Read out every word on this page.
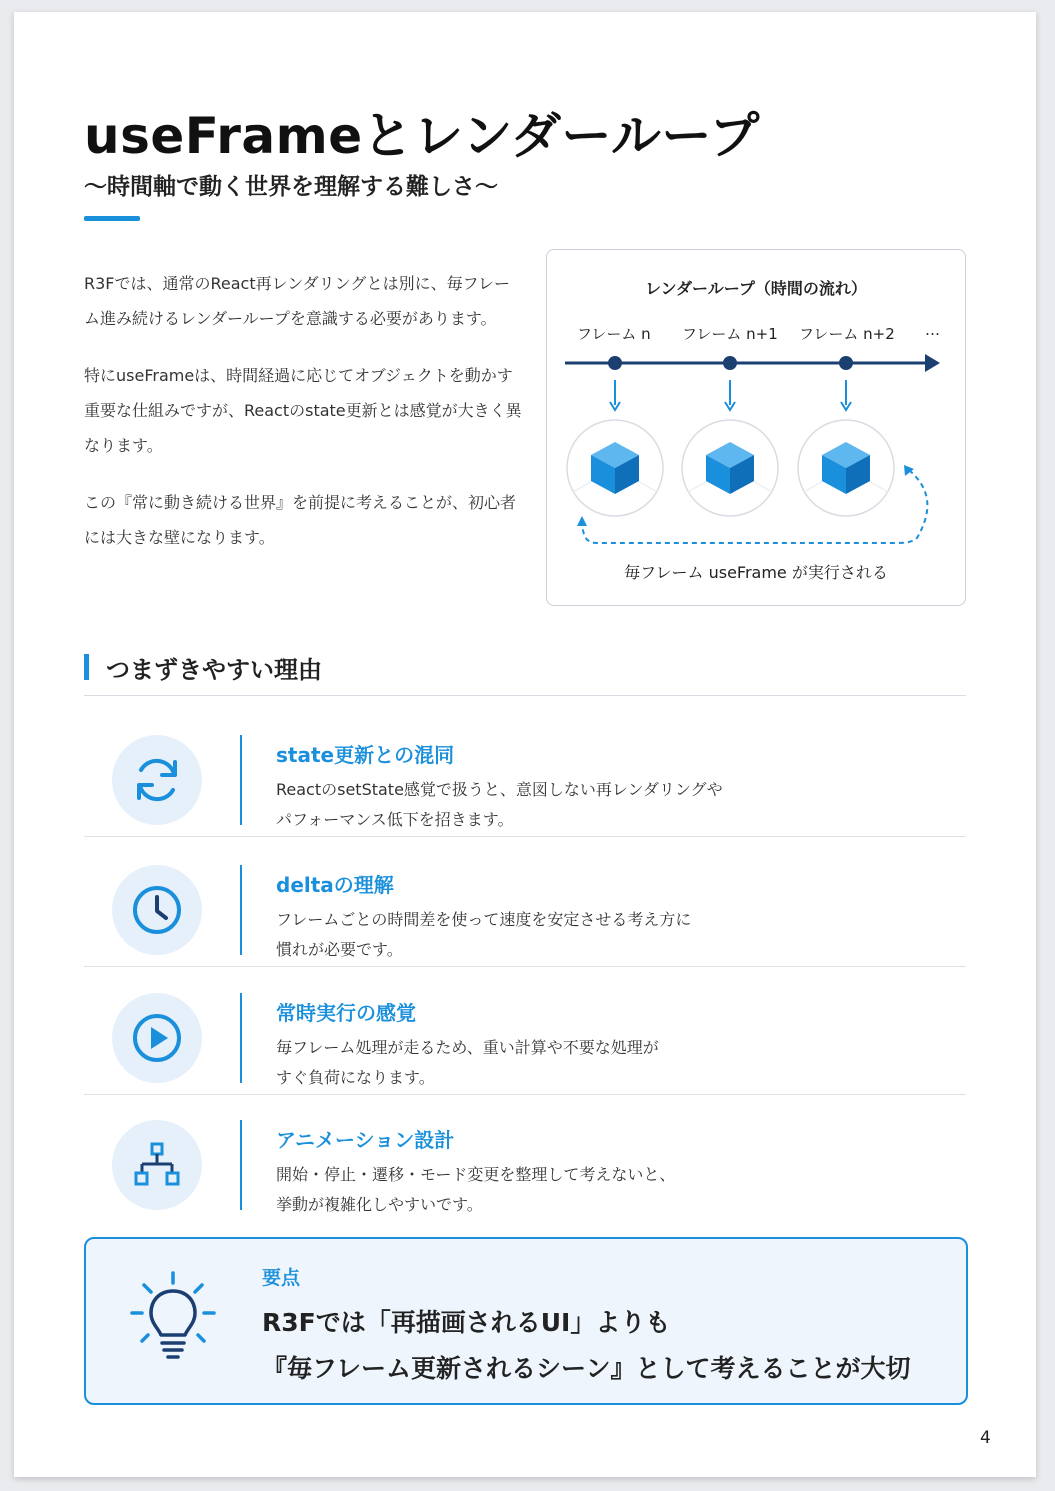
useFrameとレンダーループ
～時間軸で動く世界を理解する難しさ～

R3Fでは、通常のReact再レンダリングとは別に、毎フレーム進み続けるレンダーループを意識する必要があります。

特にuseFrameは、時間経過に応じてオブジェクトを動かす重要な仕組みですが、Reactのstate更新とは感覚が大きく異なります。

この『常に動き続ける世界』を前提に考えることが、初心者には大きな壁になります。

レンダーループ（時間の流れ）
フレーム n フレーム n+1 フレーム n+2 …
毎フレーム useFrame が実行される
つまずきやすい理由
state更新との混同
ReactのsetState感覚で扱うと、意図しない再レンダリングや
パフォーマンス低下を招きます。
deltaの理解
フレームごとの時間差を使って速度を安定させる考え方に
慣れが必要です。
常時実行の感覚
毎フレーム処理が走るため、重い計算や不要な処理が
すぐ負荷になります。
アニメーション設計
開始・停止・遷移・モード変更を整理して考えないと、
挙動が複雑化しやすいです。
要点
R3Fでは「再描画されるUI」よりも
『毎フレーム更新されるシーン』として考えることが大切
4
